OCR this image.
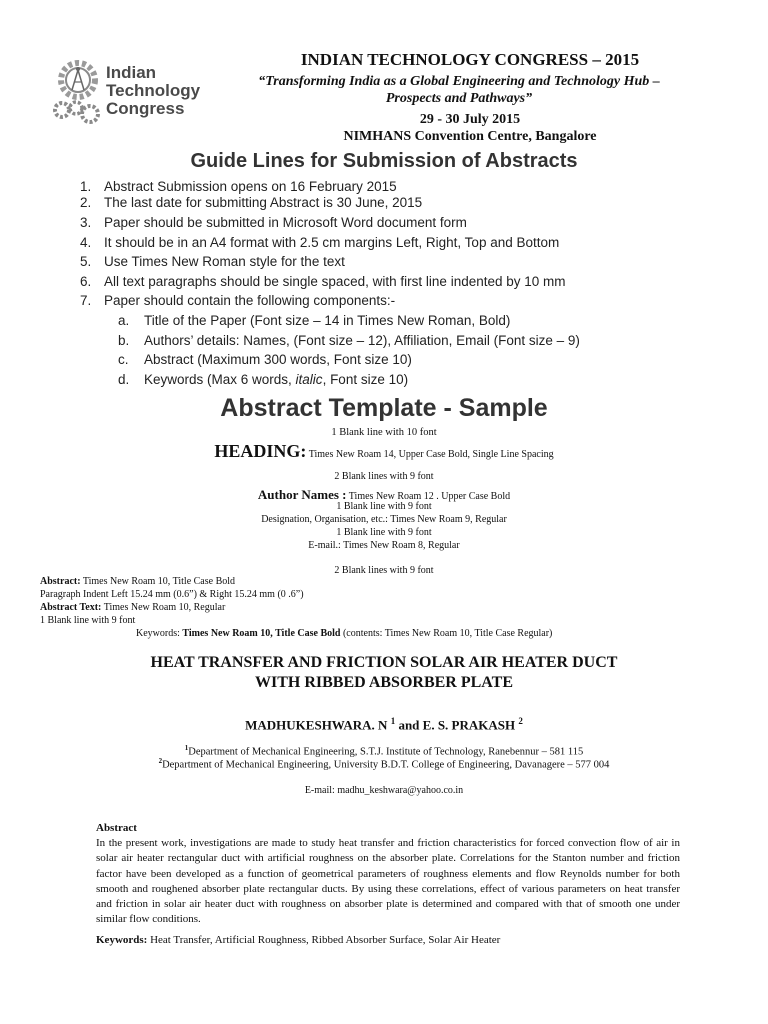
Indian
Technology
Congress
INDIAN TECHNOLOGY CONGRESS – 2015
“Transforming India as a Global Engineering and Technology Hub –
Prospects and Pathways”
29 - 30 July 2015
NIMHANS Convention Centre, Bangalore
Guide Lines for Submission of Abstracts
1. Abstract Submission opens on 16 February 2015
2. The last date for submitting Abstract is 30 June, 2015
3. Paper should be submitted in Microsoft Word document form
4. It should be in an A4 format with 2.5 cm margins Left, Right, Top and Bottom
5. Use Times New Roman style for the text
6. All text paragraphs should be single spaced, with first line indented by 10 mm
7. Paper should contain the following components:-
a.	Title of the Paper (Font size – 14 in Times New Roman, Bold)
b.	Authors’ details: Names, (Font size – 12), Affiliation, Email (Font size – 9)
c.	Abstract (Maximum 300 words, Font size 10)
d.	Keywords (Max 6 words, italic, Font size 10)
Abstract Template - Sample
1 Blank line with 10 font
HEADING: Times New Roam 14, Upper Case Bold, Single Line Spacing
2 Blank lines with 9 font
Author Names : Times New Roam 12 . Upper Case Bold
1 Blank line with 9 font
Designation, Organisation, etc.: Times New Roam 9, Regular
1 Blank line with 9 font
E-mail.: Times New Roam 8, Regular
2 Blank lines with 9 font
Abstract: Times New Roam 10, Title Case Bold
Paragraph Indent Left 15.24 mm (0.6”) & Right 15.24 mm (0 .6”)
Abstract Text: Times New Roam 10, Regular
1 Blank line with 9 font
Keywords: Times New Roam 10, Title Case Bold (contents: Times New Roam 10, Title Case Regular)
HEAT TRANSFER AND FRICTION SOLAR AIR HEATER DUCT
WITH RIBBED ABSORBER PLATE
MADHUKESHWARA. N $^1$ and E. S. PRAKASH $^2$
$^1$Department of Mechanical Engineering, S.T.J. Institute of Technology, Ranebennur – 581 115
$^2$Department of Mechanical Engineering, University B.D.T. College of Engineering, Davanagere – 577 004
E-mail: madhu_keshwara@yahoo.co.in
Abstract
In the present work, investigations are made to study heat transfer and friction characteristics for forced convection flow of air in solar air heater rectangular duct with artificial roughness on the absorber plate. Correlations for the Stanton number and friction factor have been developed as a function of geometrical parameters of roughness elements and flow Reynolds number for both smooth and roughened absorber plate rectangular ducts. By using these correlations, effect of various parameters on heat transfer and friction in solar air heater duct with roughness on absorber plate is determined and compared with that of smooth one under similar flow conditions.
Keywords: Heat Transfer, Artificial Roughness, Ribbed Absorber Surface, Solar Air Heater
